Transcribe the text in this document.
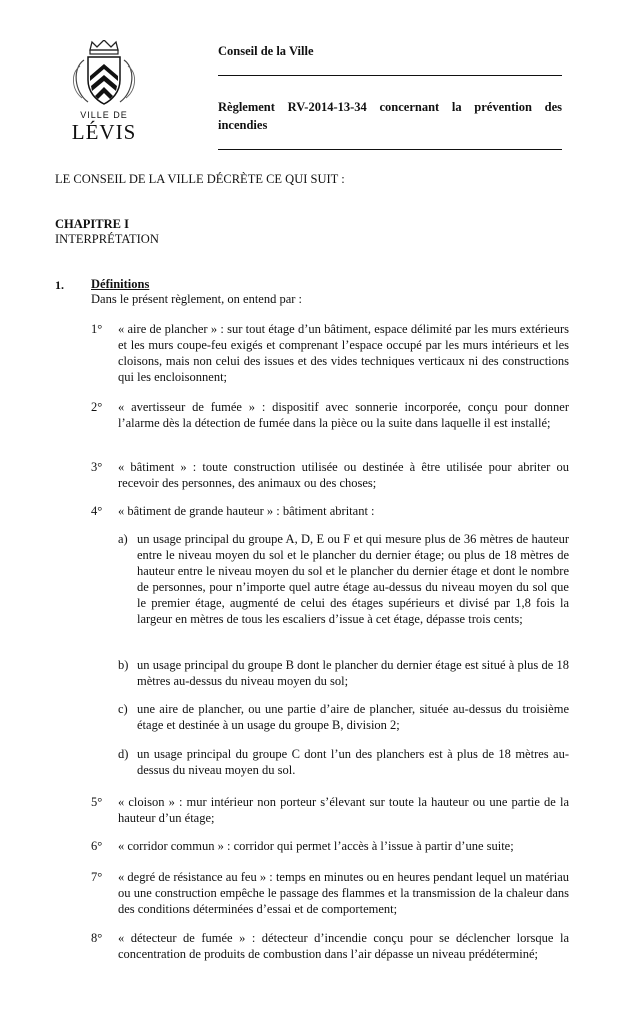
VILLE DE
LÉVIS
Conseil de la Ville
Règlement RV-2014-13-34 concernant la prévention des incendies
LE CONSEIL DE LA VILLE DÉCRÈTE CE QUI SUIT :
CHAPITRE I
INTERPRÉTATION
1. Définitions
Dans le présent règlement, on entend par :
1° « aire de plancher » : sur tout étage d’un bâtiment, espace délimité par les murs extérieurs et les murs coupe-feu exigés et comprenant l’espace occupé par les murs intérieurs et les cloisons, mais non celui des issues et des vides techniques verticaux ni des constructions qui les encloisonnent;
2° « avertisseur de fumée » : dispositif avec sonnerie incorporée, conçu pour donner l’alarme dès la détection de fumée dans la pièce ou la suite dans laquelle il est installé;
3° « bâtiment » : toute construction utilisée ou destinée à être utilisée pour abriter ou recevoir des personnes, des animaux ou des choses;
4° « bâtiment de grande hauteur » : bâtiment abritant :
a) un usage principal du groupe A, D, E ou F et qui mesure plus de 36 mètres de hauteur entre le niveau moyen du sol et le plancher du dernier étage; ou plus de 18 mètres de hauteur entre le niveau moyen du sol et le plancher du dernier étage et dont le nombre de personnes, pour n’importe quel autre étage au-dessus du niveau moyen du sol que le premier étage, augmenté de celui des étages supérieurs et divisé par 1,8 fois la largeur en mètres de tous les escaliers d’issue à cet étage, dépasse trois cents;
b) un usage principal du groupe B dont le plancher du dernier étage est situé à plus de 18 mètres au-dessus du niveau moyen du sol;
c) une aire de plancher, ou une partie d’aire de plancher, située au-dessus du troisième étage et destinée à un usage du groupe B, division 2;
d) un usage principal du groupe C dont l’un des planchers est à plus de 18 mètres au-dessus du niveau moyen du sol.
5° « cloison » : mur intérieur non porteur s’élevant sur toute la hauteur ou une partie de la hauteur d’un étage;
6° « corridor commun » : corridor qui permet l’accès à l’issue à partir d’une suite;
7° « degré de résistance au feu » : temps en minutes ou en heures pendant lequel un matériau ou une construction empêche le passage des flammes et la transmission de la chaleur dans des conditions déterminées d’essai et de comportement;
8° « détecteur de fumée » : détecteur d’incendie conçu pour se déclencher lorsque la concentration de produits de combustion dans l’air dépasse un niveau prédéterminé;
